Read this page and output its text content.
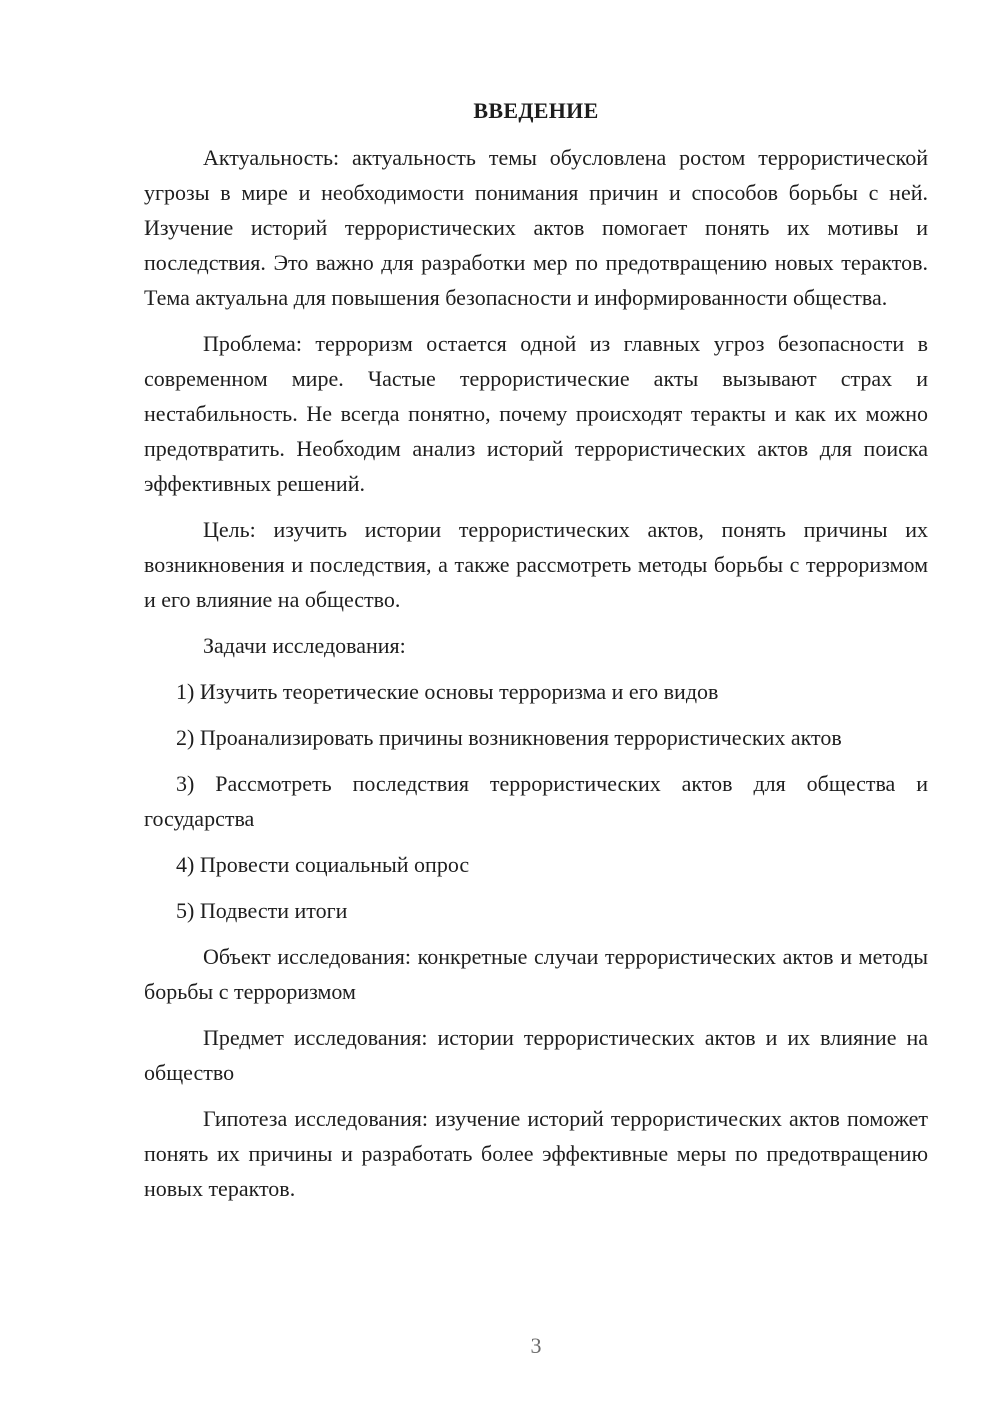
ВВЕДЕНИЕ

Актуальность: актуальность темы обусловлена ростом террористической угрозы в мире и необходимости понимания причин и способов борьбы с ней. Изучение историй террористических актов помогает понять их мотивы и последствия. Это важно для разработки мер по предотвращению новых терактов. Тема актуальна для повышения безопасности и информированности общества.

Проблема: терроризм остается одной из главных угроз безопасности в современном мире. Частые террористические акты вызывают страх и нестабильность. Не всегда понятно, почему происходят теракты и как их можно предотвратить. Необходим анализ историй террористических актов для поиска эффективных решений.

Цель: изучить истории террористических актов, понять причины их возникновения и последствия, а также рассмотреть методы борьбы с терроризмом и его влияние на общество.

Задачи исследования:

1) Изучить теоретические основы терроризма и его видов

2) Проанализировать причины возникновения террористических актов

3) Рассмотреть последствия террористических актов для общества и государства

4) Провести социальный опрос

5) Подвести итоги

Объект исследования: конкретные случаи террористических актов и методы борьбы с терроризмом

Предмет исследования: истории террористических актов и их влияние на общество

Гипотеза исследования: изучение историй террористических актов поможет понять их причины и разработать более эффективные меры по предотвращению новых терактов.

3
